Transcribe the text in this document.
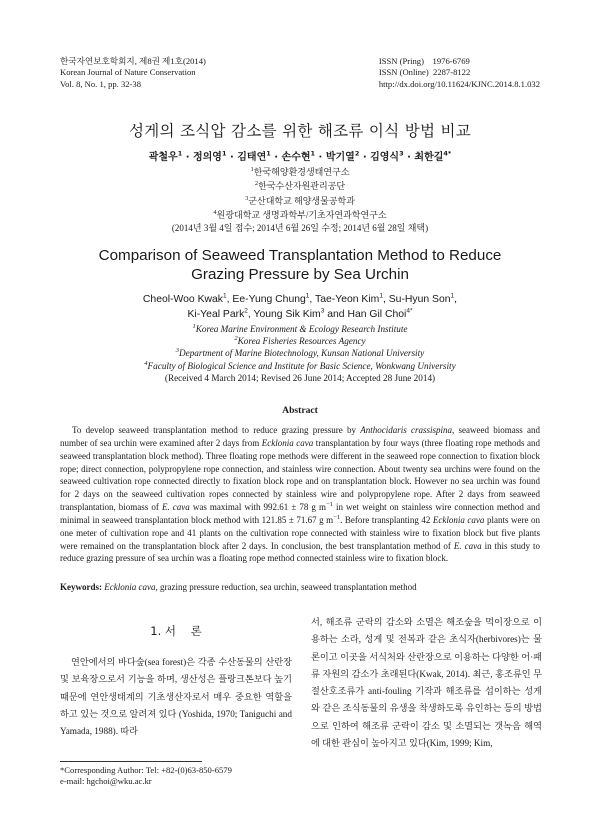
한국자연보호학회지, 제8권 제1호(2014)
Korean Journal of Nature Conservation
Vol. 8, No. 1, pp. 32-38
ISSN (Pring)    1976-6769
ISSN (Online)  2287-8122
http://dx.doi.org/10.11624/KJNC.2014.8.1.032
성게의 조식압 감소를 위한 해조류 이식 방법 비교
곽철우$^1$ · 정의영$^1$ · 김태연$^1$ · 손수현$^1$ · 박기열$^2$ · 김영식$^3$ · 최한길$^{4*}$
$^1$한국해양환경생태연구소
$^2$한국수산자원관리공단
$^3$군산대학교 해양생물공학과
$^4$원광대학교 생명과학부/기초자연과학연구소
(2014년 3월 4일 접수; 2014년 6월 26일 수정; 2014년 6월 28일 채택)
Comparison of Seaweed Transplantation Method to Reduce
Grazing Pressure by Sea Urchin
Cheol-Woo Kwak$^1$, Ee-Yung Chung$^1$, Tae-Yeon Kim$^1$, Su-Hyun Son$^1$,
Ki-Yeal Park$^2$, Young Sik Kim$^3$ and Han Gil Choi$^{4*}$
$^1$Korea Marine Environment & Ecology Research Institute
$^2$Korea Fisheries Resources Agency
$^3$Department of Marine Biotechnology, Kunsan National University
$^4$Faculty of Biological Science and Institute for Basic Science, Wonkwang University
(Received 4 March 2014; Revised 26 June 2014; Accepted 28 June 2014)
Abstract

To develop seaweed transplantation method to reduce grazing pressure by Anthocidaris crassispina, seaweed biomass and number of sea urchin were examined after 2 days from Ecklonia cava transplantation by four ways (three floating rope methods and seaweed transplantation block method). Three floating rope methods were different in the seaweed rope connection to fixation block rope; direct connection, polypropylene rope connection, and stainless wire connection. About twenty sea urchins were found on the seaweed cultivation rope connected directly to fixation block rope and on transplantation block. However no sea urchin was found for 2 days on the seaweed cultivation ropes connected by stainless wire and polypropylene rope. After 2 days from seaweed transplantation, biomass of E. cava was maximal with 992.61 ± 78 g $m^{-1}$ in wet weight on stainless wire connection method and minimal in seaweed transplantation block method with 121.85 ± 71.67 g $m^{-1}$. Before transplanting 42 Ecklonia cava plants were on one meter of cultivation rope and 41 plants on the cultivation rope connected with stainless wire to fixation block but five plants were remained on the transplantation block after 2 days. In conclusion, the best transplantation method of E. cava in this study to reduce grazing pressure of sea urchin was a floating rope method connected stainless wire to fixation block.

Keywords: Ecklonia cava, grazing pressure reduction, sea urchin, seaweed transplantation method
1. 서    론

연안에서의 바다숲(sea forest)은 각종 수산동물의 산란장 및 보육장으로서 기능을 하며, 생산성은 플랑크톤보다 높기 때문에 연안생태계의 기초생산자로서 매우 중요한 역할을 하고 있는 것으로 알려져 있다 (Yoshida, 1970; Taniguchi and Yamada, 1988). 따라

서, 해조류 군락의 감소와 소멸은 해조숲을 먹이장으로 이용하는 소라, 성게 및 전복과 같은 초식자(herbivores)는 물론이고 이곳을 서식처와 산란장으로 이용하는 다양한 어·패류 자원의 감소가 초래된다(Kwak, 2014). 최근, 홍조류인 무절산호조류가 anti-fouling 기작과 해조류를 섭이하는 성게와 같은 조식동물의 유생을 착생하도록 유인하는 등의 방법으로 인하여 해조류 군락이 감소 및 소멸되는 갯녹음 해역에 대한 관심이 높아지고 있다(Kim, 1999; Kim,

*Corresponding Author: Tel: +82-(0)63-850-6579
e-mail: hgchoi@wku.ac.kr
